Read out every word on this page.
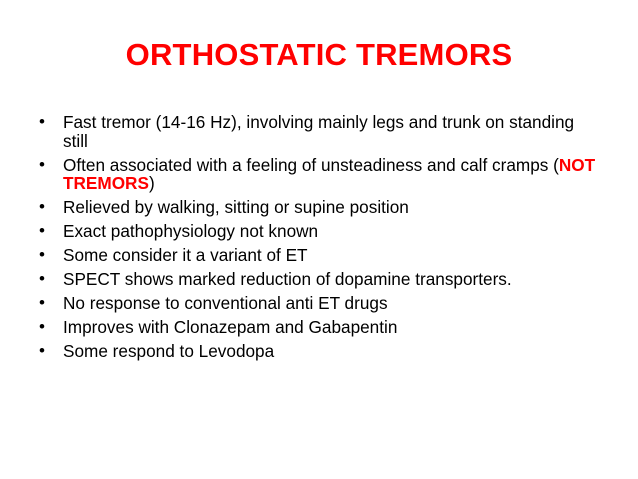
ORTHOSTATIC TREMORS
•	Fast tremor (14-16 Hz), involving mainly legs and trunk on standing still
•	Often associated with a feeling of unsteadiness and calf cramps (NOT TREMORS)
•	Relieved by walking, sitting or supine position
•	Exact pathophysiology not known
•	Some consider it a variant of ET
•	SPECT shows marked reduction of dopamine transporters.
•	No response to conventional anti ET drugs
•	Improves with Clonazepam and Gabapentin
•	Some respond to Levodopa
